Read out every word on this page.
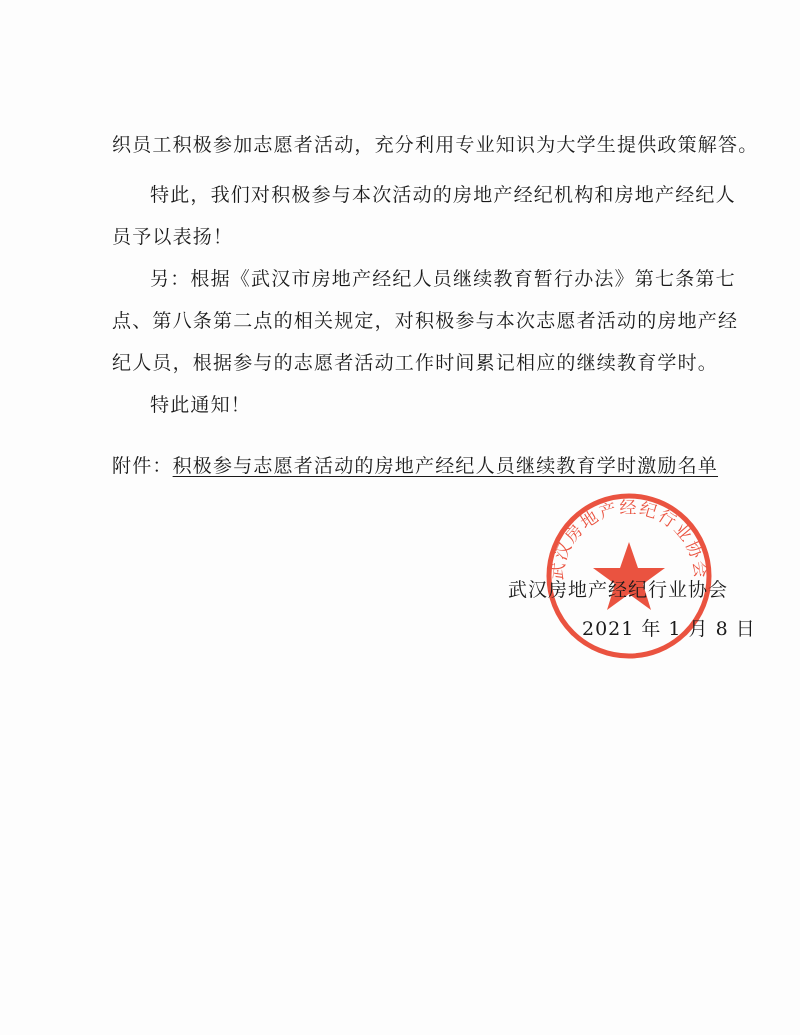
织员工积极参加志愿者活动，充分利用专业知识为大学生提供政策解答。
特此，我们对积极参与本次活动的房地产经纪机构和房地产经纪人
员予以表扬！
另：根据《武汉市房地产经纪人员继续教育暂行办法》第七条第七
点、第八条第二点的相关规定，对积极参与本次志愿者活动的房地产经
纪人员，根据参与的志愿者活动工作时间累记相应的继续教育学时。
特此通知！
附件：积极参与志愿者活动的房地产经纪人员继续教育学时激励名单
武汉房地产经纪行业协会
武汉房地产经纪行业协会
2021 年 1 月 8 日
